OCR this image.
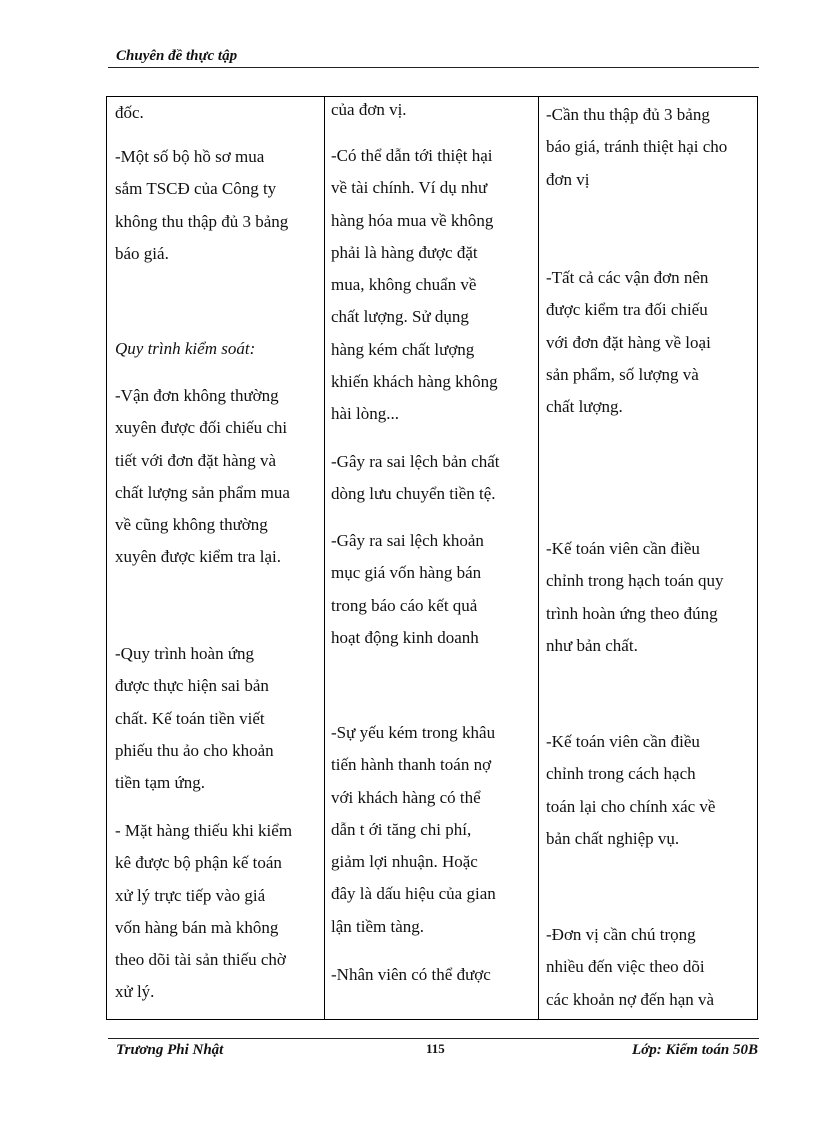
Chuyên đề thực tập

đốc.

-Một số bộ hồ sơ mua
sắm TSCĐ của Công ty
không thu thập đủ 3 bảng
báo giá.

Quy trình kiểm soát:

-Vận đơn không thường
xuyên được đối chiếu chi
tiết với đơn đặt hàng và
chất lượng sản phẩm mua
về cũng không thường
xuyên được kiểm tra lại.

-Quy trình hoàn ứng
được thực hiện sai bản
chất. Kế toán tiền viết
phiếu thu ảo cho khoản
tiền tạm ứng.

- Mặt hàng thiếu khi kiểm
kê được bộ phận kế toán
xử lý trực tiếp vào giá
vốn hàng bán mà không
theo dõi tài sản thiếu chờ
xử lý.

của đơn vị.

-Có thể dẫn tới thiệt hại
về tài chính. Ví dụ như
hàng hóa mua về không
phải là hàng được đặt
mua, không chuẩn về
chất lượng. Sử dụng
hàng kém chất lượng
khiến khách hàng không
hài lòng...

-Gây ra sai lệch bản chất
dòng lưu chuyển tiền tệ.

-Gây ra sai lệch khoản
mục giá vốn hàng bán
trong báo cáo kết quả
hoạt động kinh doanh

-Sự yếu kém trong khâu
tiến hành thanh toán nợ
với khách hàng có thể
dẫn t ới tăng chi phí,
giảm lợi nhuận. Hoặc
đây là dấu hiệu của gian
lận tiềm tàng.

-Nhân viên có thể được

-Cần thu thập đủ 3 bảng
báo giá, tránh thiệt hại cho
đơn vị

-Tất cả các vận đơn nên
được kiểm tra đối chiếu
với đơn đặt hàng về loại
sản phẩm, số lượng và
chất lượng.

-Kế toán viên cần điều
chỉnh trong hạch toán quy
trình hoàn ứng theo đúng
như bản chất.

-Kế toán viên cần điều
chỉnh trong cách hạch
toán lại cho chính xác về
bản chất nghiệp vụ.

-Đơn vị cần chú trọng
nhiều đến việc theo dõi
các khoản nợ đến hạn và

Trương Phi Nhật	115	Lớp: Kiểm toán 50B
